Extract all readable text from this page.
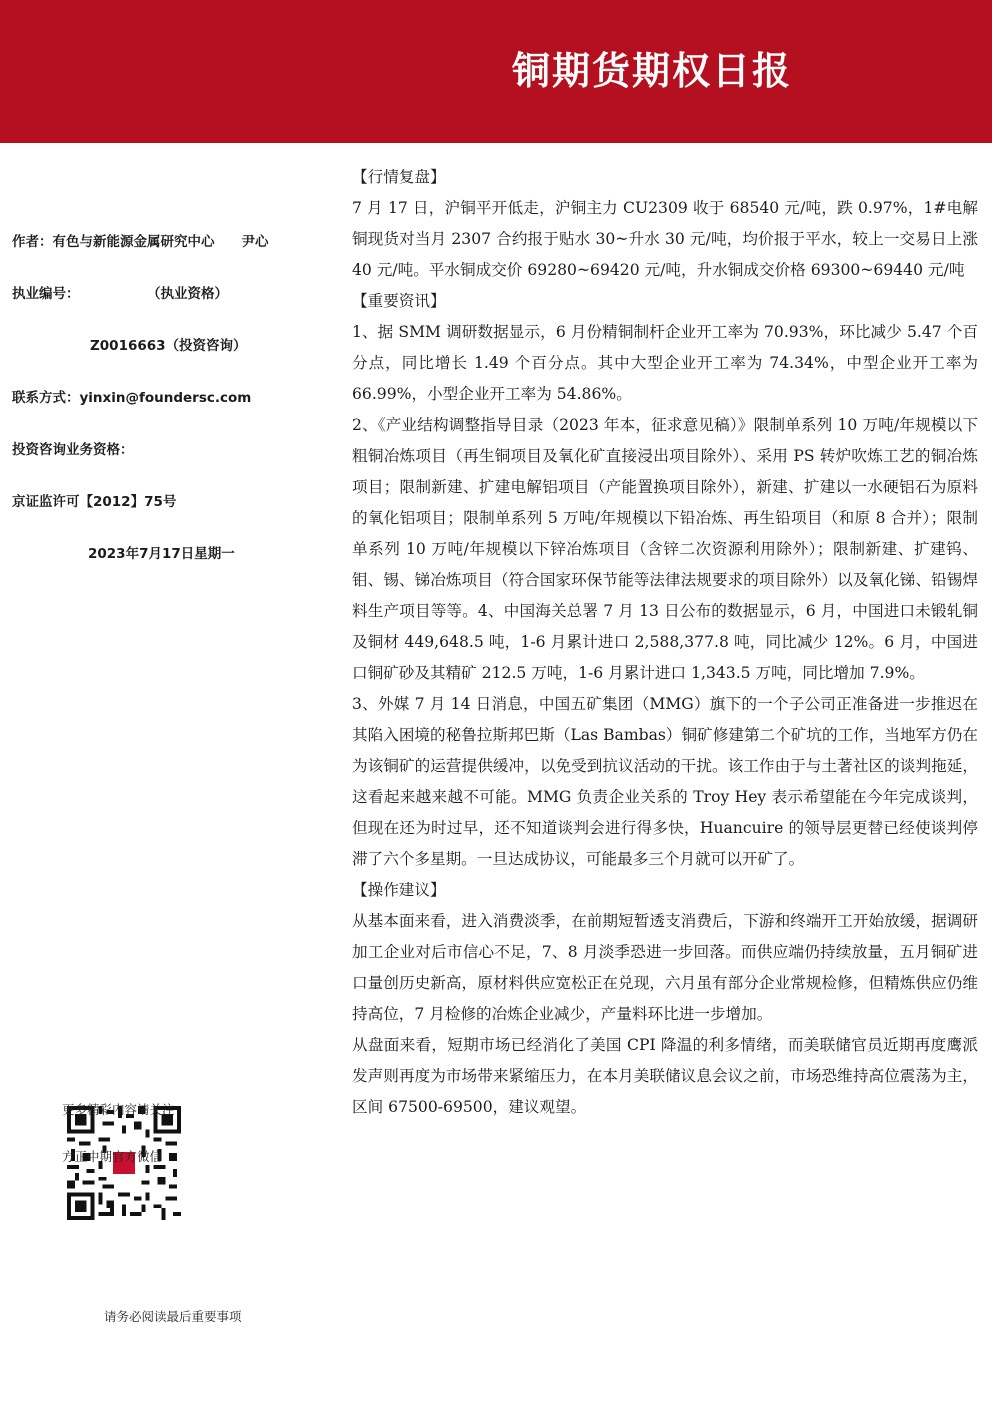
铜期货期权日报
作者：有色与新能源金属研究中心　　尹心
执业编号：　　　　　　（执业资格）
Z0016663（投资咨询）
联系方式：yinxin@foundersc.com
投资咨询业务资格：
京证监许可【2012】75号
2023年7月17日星期一
更多精彩内容请关注
方正中期官方微信
请务必阅读最后重要事项

【行情复盘】

7 月 17 日，沪铜平开低走，沪铜主力 CU2309 收于 68540 元/吨，跌 0.97%，1#电解铜现货对当月 2307 合约报于贴水 30~升水 30 元/吨，均价报于平水，较上一交易日上涨 40 元/吨。平水铜成交价 69280~69420 元/吨，升水铜成交价格 69300~69440 元/吨

【重要资讯】

1、据 SMM 调研数据显示，6 月份精铜制杆企业开工率为 70.93%，环比减少 5.47 个百分点，同比增长 1.49 个百分点。其中大型企业开工率为 74.34%，中型企业开工率为 66.99%，小型企业开工率为 54.86%。

2、《产业结构调整指导目录（2023 年本，征求意见稿）》限制单系列 10 万吨/年规模以下粗铜冶炼项目（再生铜项目及氧化矿直接浸出项目除外）、采用 PS 转炉吹炼工艺的铜冶炼项目；限制新建、扩建电解铝项目（产能置换项目除外），新建、扩建以一水硬铝石为原料的氧化铝项目；限制单系列 5 万吨/年规模以下铅冶炼、再生铅项目（和原 8 合并）；限制单系列 10 万吨/年规模以下锌冶炼项目（含锌二次资源利用除外）；限制新建、扩建钨、钼、锡、锑冶炼项目（符合国家环保节能等法律法规要求的项目除外）以及氧化锑、铅锡焊料生产项目等等。4、中国海关总署 7 月 13 日公布的数据显示，6 月，中国进口未锻轧铜及铜材 449,648.5 吨，1-6 月累计进口 2,588,377.8 吨，同比减少 12%。6 月，中国进口铜矿砂及其精矿 212.5 万吨，1-6 月累计进口 1,343.5 万吨，同比增加 7.9%。

3、外媒 7 月 14 日消息，中国五矿集团（MMG）旗下的一个子公司正准备进一步推迟在其陷入困境的秘鲁拉斯邦巴斯（Las Bambas）铜矿修建第二个矿坑的工作，当地军方仍在为该铜矿的运营提供缓冲，以免受到抗议活动的干扰。该工作由于与土著社区的谈判拖延，这看起来越来越不可能。MMG 负责企业关系的 Troy Hey 表示希望能在今年完成谈判，但现在还为时过早，还不知道谈判会进行得多快，Huancuire 的领导层更替已经使谈判停滞了六个多星期。一旦达成协议，可能最多三个月就可以开矿了。

【操作建议】

从基本面来看，进入消费淡季，在前期短暂透支消费后，下游和终端开工开始放缓，据调研加工企业对后市信心不足，7、8 月淡季恐进一步回落。而供应端仍持续放量，五月铜矿进口量创历史新高，原材料供应宽松正在兑现，六月虽有部分企业常规检修，但精炼供应仍维持高位，7 月检修的冶炼企业减少，产量料环比进一步增加。

从盘面来看，短期市场已经消化了美国 CPI 降温的利多情绪，而美联储官员近期再度鹰派发声则再度为市场带来紧缩压力，在本月美联储议息会议之前，市场恐维持高位震荡为主，区间 67500-69500，建议观望。
